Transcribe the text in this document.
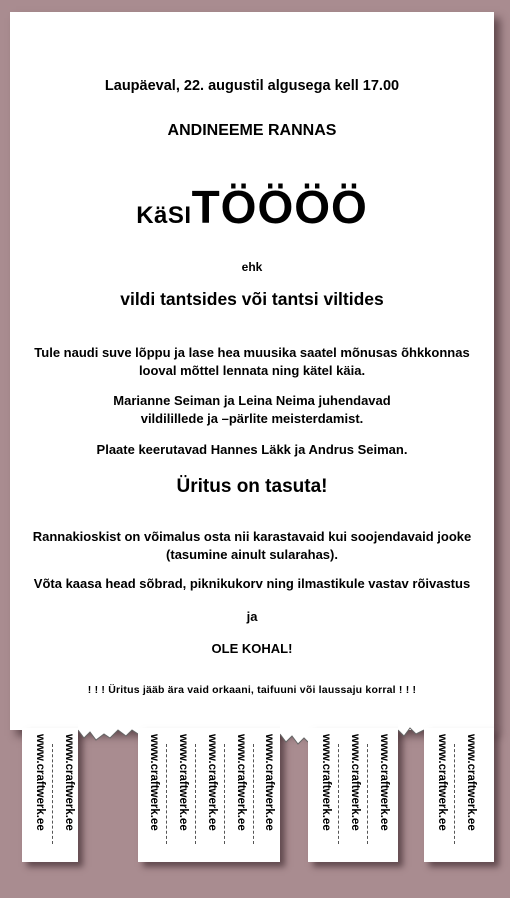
Laupäeval, 22. augustil algusega kell 17.00

ANDINEEME RANNAS

KäSITÖÖÖÖ

ehk

vildi tantsides või tantsi viltides

Tule naudi suve lõppu ja lase hea muusika saatel mõnusas õhkkonnas
looval mõttel lennata ning kätel käia.
Marianne Seiman ja Leina Neima juhendavad
vildilillede ja –pärlite meisterdamist.

Plaate keerutavad Hannes Läkk ja Andrus Seiman.

Üritus on tasuta!

Rannakioskist on võimalus osta nii karastavaid kui soojendavaid jooke
(tasumine ainult sularahas).

Võta kaasa head sõbrad, piknikukorv ning ilmastikule vastav rõivastus

ja

OLE KOHAL!

! ! ! Üritus jääb ära vaid orkaani, taifuuni või laussaju korral ! ! !

www.craftwerk.ee	www.craftwerk.ee	www.craftwerk.ee	www.craftwerk.ee	www.craftwerk.ee	www.craftwerk.ee	www.craftwerk.ee	www.craftwerk.ee	www.craftwerk.ee	www.craftwerk.ee	www.craftwerk.ee	www.craftwerk.ee
